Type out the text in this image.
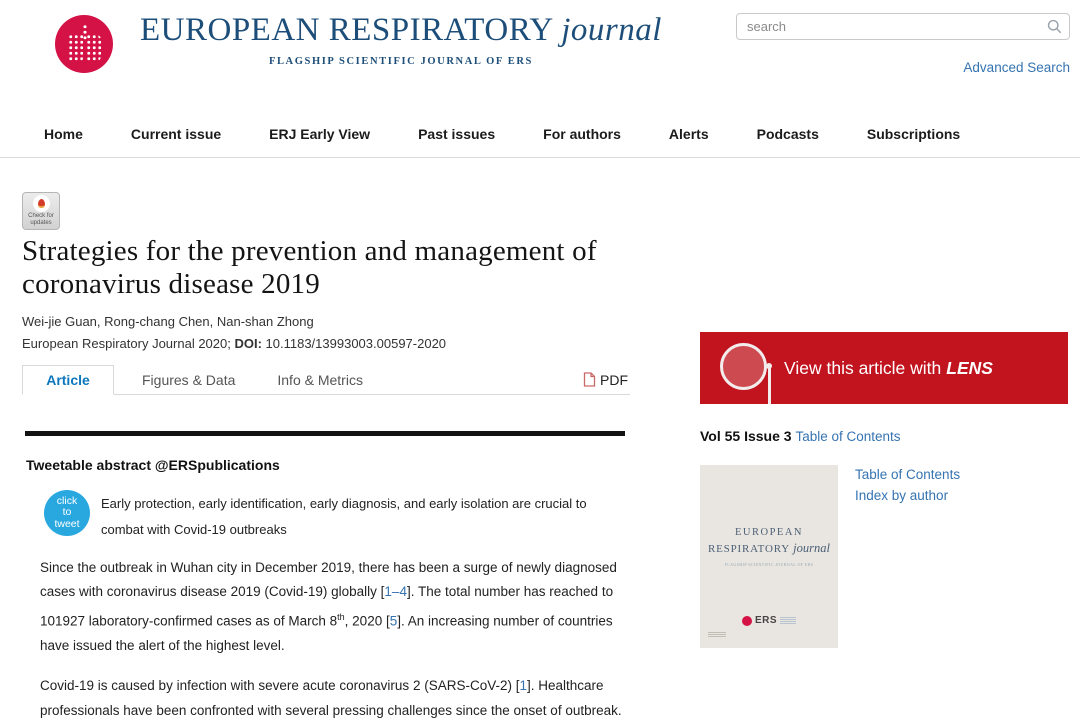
EUROPEAN RESPIRATORY journal
FLAGSHIP SCIENTIFIC JOURNAL OF ERS
search	Advanced Search
Home	Current issue	ERJ Early View	Past issues	For authors	Alerts	Podcasts	Subscriptions
Check for
updates
Strategies for the prevention and management of coronavirus disease 2019
Wei-jie Guan, Rong-chang Chen, Nan-shan Zhong
European Respiratory Journal 2020; DOI: 10.1183/13993003.00597-2020
Article	Figures & Data	Info & Metrics	PDF
Tweetable abstract @ERSpublications
click
to
tweet
Early protection, early identification, early diagnosis, and early isolation are crucial to combat with Covid-19 outbreaks

Since the outbreak in Wuhan city in December 2019, there has been a surge of newly diagnosed cases with coronavirus disease 2019 (Covid-19) globally [1–4]. The total number has reached to 101927 laboratory-confirmed cases as of March 8th, 2020 [5]. An increasing number of countries have issued the alert of the highest level.

Covid-19 is caused by infection with severe acute coronavirus 2 (SARS-CoV-2) [1]. Healthcare professionals have been confronted with several pressing challenges since the onset of outbreak.

View this article with LENS
Vol 55 Issue 3 Table of Contents
EUROPEAN
RESPIRATORY journal
FLAGSHIP SCIENTIFIC JOURNAL OF ERS
ERS
Table of Contents
Index by author
